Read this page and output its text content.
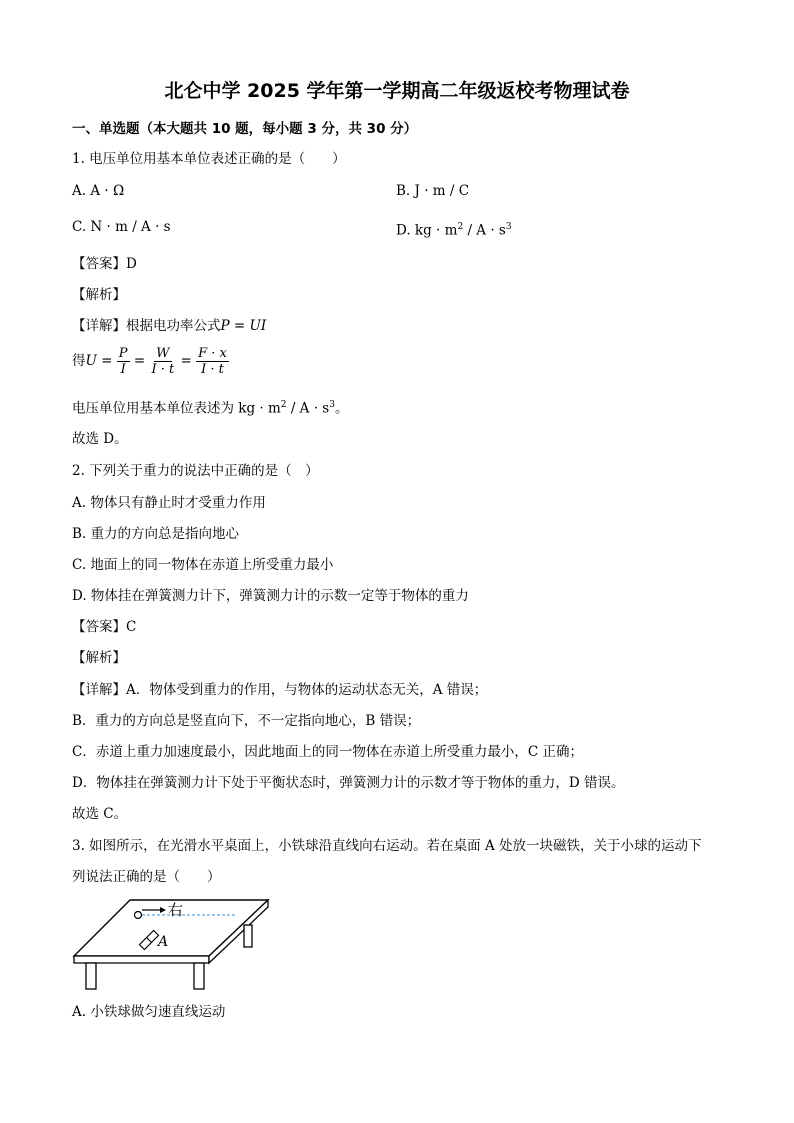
北仑中学 2025 学年第一学期高二年级返校考物理试卷
一、单选题（本大题共 10 题，每小题 3 分，共 30 分）
1. 电压单位用基本单位表述正确的是（　　）
A. A · Ω	B. J · m / C
C. N · m / A · s	D. kg · $m^2 / A \cdot s^3$
【答案】D
【解析】
【详解】根据电功率公式P = UI
得$U = \frac{P}{I} = \frac{W}{I \cdot t} = \frac{F \cdot x}{I \cdot t}$
电压单位用基本单位表述为 kg · $m^2 / A \cdot s^3$。
故选 D。
2. 下列关于重力的说法中正确的是（　）
A. 物体只有静止时才受重力作用
B. 重力的方向总是指向地心
C. 地面上的同一物体在赤道上所受重力最小
D. 物体挂在弹簧测力计下，弹簧测力计的示数一定等于物体的重力
【答案】C
【解析】
【详解】A．物体受到重力的作用，与物体的运动状态无关，A 错误；
B．重力的方向总是竖直向下，不一定指向地心，B 错误；
C．赤道上重力加速度最小，因此地面上的同一物体在赤道上所受重力最小，C 正确；
D．物体挂在弹簧测力计下处于平衡状态时，弹簧测力计的示数才等于物体的重力，D 错误。
故选 C。
3. 如图所示，在光滑水平桌面上，小铁球沿直线向右运动。若在桌面 A 处放一块磁铁，关于小球的运动下
列说法正确的是（　　）
右
A
A. 小铁球做匀速直线运动
